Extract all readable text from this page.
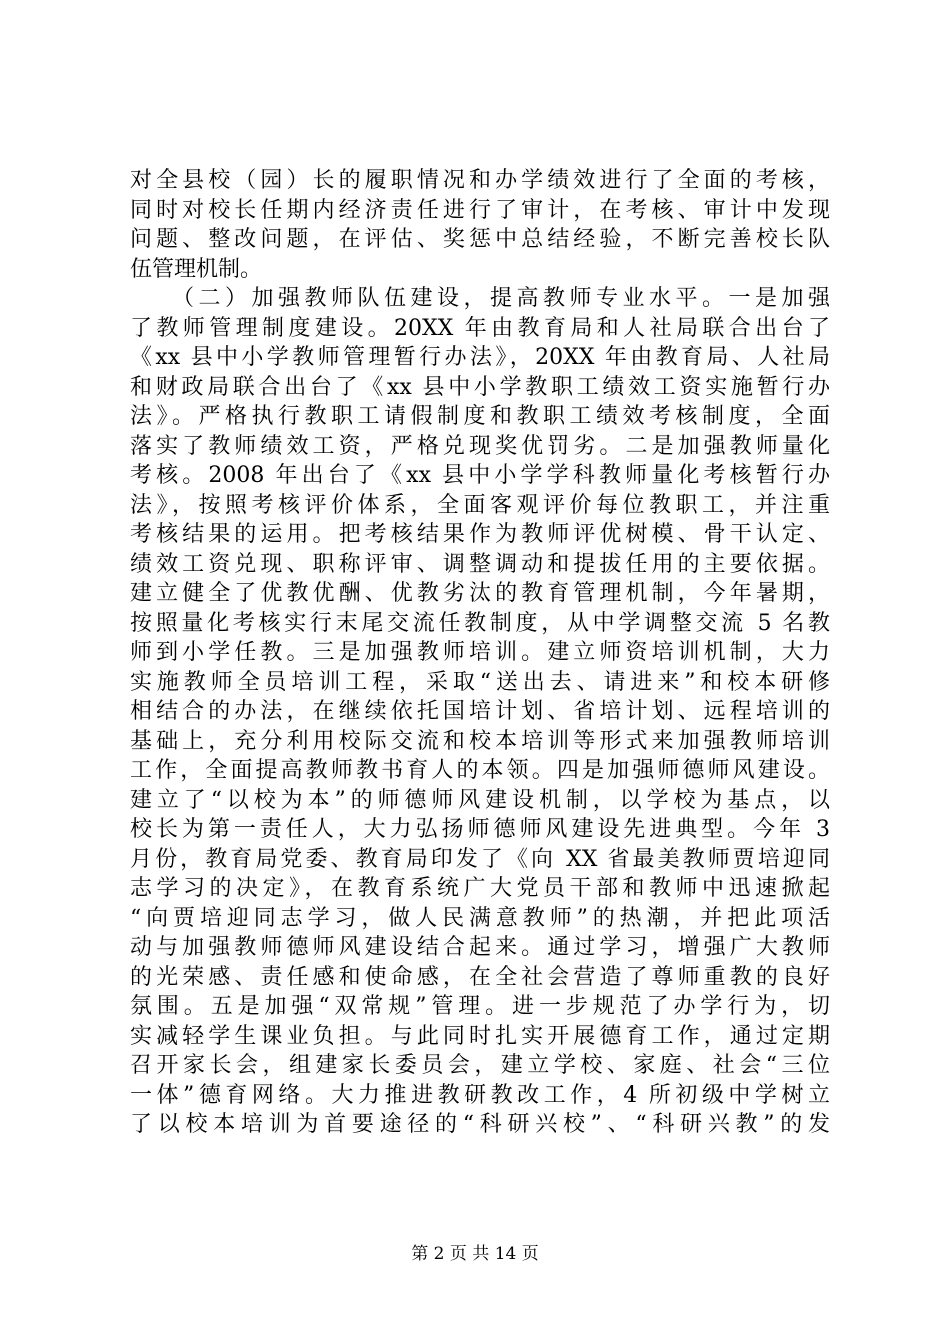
对全县校（园）长的履职情况和办学绩效进行了全面的考核，
同时对校长任期内经济责任进行了审计，在考核、审计中发现
问题、整改问题，在评估、奖惩中总结经验，不断完善校长队
伍管理机制。
　　（二）加强教师队伍建设，提高教师专业水平。一是加强
了教师管理制度建设。20XX 年由教育局和人社局联合出台了
《xx 县中小学教师管理暂行办法》，20XX 年由教育局、人社局
和财政局联合出台了《xx 县中小学教职工绩效工资实施暂行办
法》。严格执行教职工请假制度和教职工绩效考核制度，全面
落实了教师绩效工资，严格兑现奖优罚劣。二是加强教师量化
考核。2008 年出台了《xx 县中小学学科教师量化考核暂行办
法》，按照考核评价体系，全面客观评价每位教职工，并注重
考核结果的运用。把考核结果作为教师评优树模、骨干认定、
绩效工资兑现、职称评审、调整调动和提拔任用的主要依据。
建立健全了优教优酬、优教劣汰的教育管理机制，今年暑期，
按照量化考核实行末尾交流任教制度，从中学调整交流 5 名教
师到小学任教。三是加强教师培训。建立师资培训机制，大力
实施教师全员培训工程，采取“送出去、请进来”和校本研修
相结合的办法，在继续依托国培计划、省培计划、远程培训的
基础上，充分利用校际交流和校本培训等形式来加强教师培训
工作，全面提高教师教书育人的本领。四是加强师德师风建设。
建立了“以校为本”的师德师风建设机制，以学校为基点，以
校长为第一责任人，大力弘扬师德师风建设先进典型。今年 3
月份，教育局党委、教育局印发了《向 XX 省最美教师贾培迎同
志学习的决定》，在教育系统广大党员干部和教师中迅速掀起
“向贾培迎同志学习，做人民满意教师”的热潮，并把此项活
动与加强教师德师风建设结合起来。通过学习，增强广大教师
的光荣感、责任感和使命感，在全社会营造了尊师重教的良好
氛围。五是加强“双常规”管理。进一步规范了办学行为，切
实减轻学生课业负担。与此同时扎实开展德育工作，通过定期
召开家长会，组建家长委员会，建立学校、家庭、社会“三位
一体”德育网络。大力推进教研教改工作，4 所初级中学树立
了以校本培训为首要途径的“科研兴校”、“科研兴教”的发
第 2 页 共 14 页
